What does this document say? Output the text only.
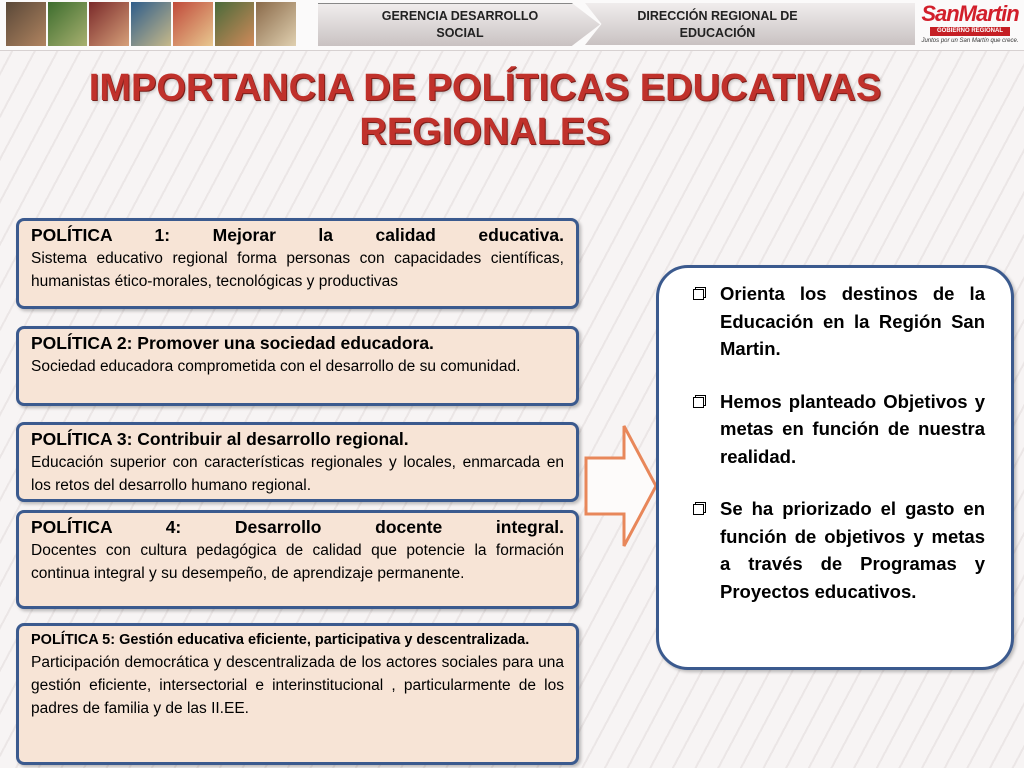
GERENCIA DESARROLLO
SOCIAL
DIRECCIÓN REGIONAL DE
EDUCACIÓN
SanMartin
GOBIERNO REGIONAL
Juntos por un San Martín que crece.
IMPORTANCIA DE POLÍTICAS EDUCATIVAS
REGIONALES
POLÍTICA 1: Mejorar la calidad educativa.
Sistema educativo regional forma personas con capacidades científicas, humanistas ético-morales, tecnológicas y productivas
POLÍTICA 2: Promover una sociedad educadora.
Sociedad educadora comprometida con el desarrollo de su comunidad.
POLÍTICA 3: Contribuir al desarrollo regional.
Educación superior con características regionales y locales, enmarcada en los retos del desarrollo humano regional.
POLÍTICA 4: Desarrollo docente integral.
Docentes con cultura pedagógica de calidad que potencie la formación continua integral y su desempeño, de aprendizaje permanente.
POLÍTICA 5: Gestión educativa eficiente, participativa y descentralizada.
Participación democrática y descentralizada de los actores sociales para una gestión eficiente, intersectorial e interinstitucional , particularmente de los padres de familia y de las II.EE.
Orienta los destinos de la Educación en la Región San Martin.
Hemos planteado Objetivos y metas en función de nuestra realidad.
Se ha priorizado el gasto en función de objetivos y metas a través de Programas y Proyectos educativos.
